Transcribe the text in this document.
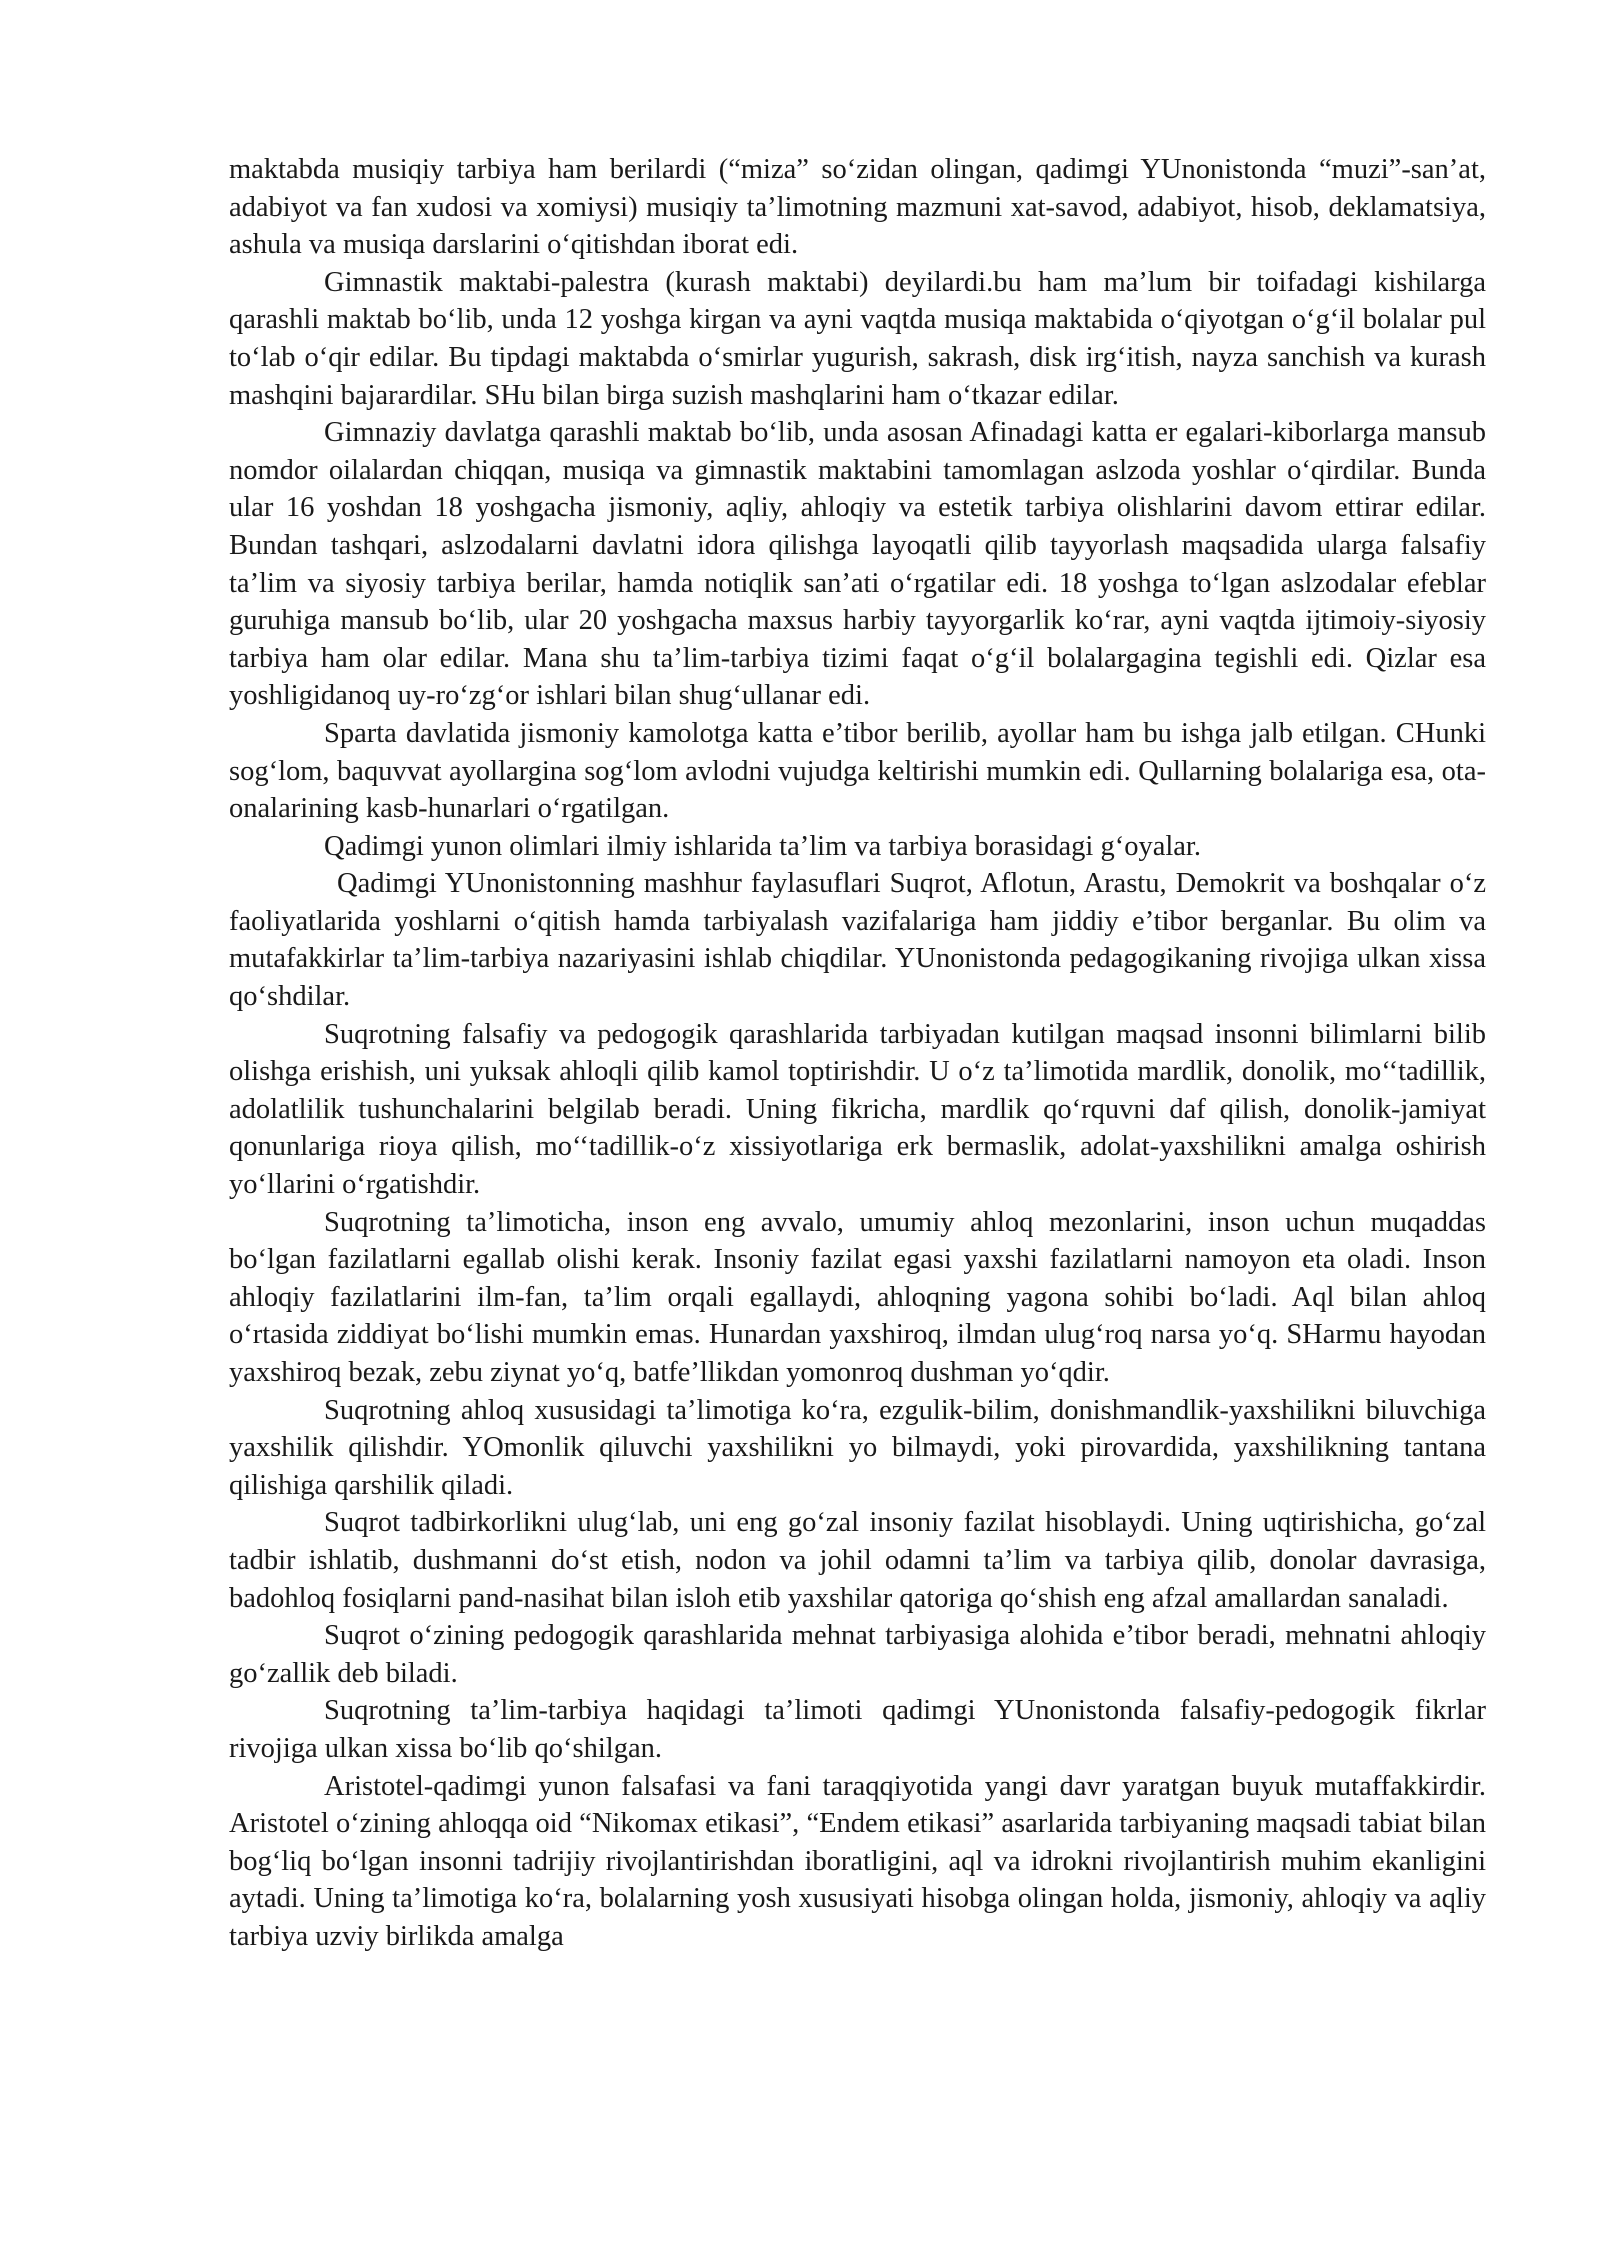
maktabda musiqiy tarbiya ham berilardi (“miza” so‘zidan olingan, qadimgi YUnonistonda “muzi”-san’at, adabiyot va fan xudosi va xomiysi) musiqiy ta’limotning mazmuni xat-savod, adabiyot, hisob, deklamatsiya, ashula va musiqa darslarini o‘qitishdan iborat edi.

Gimnastik maktabi-palestra (kurash maktabi) deyilardi.bu ham ma’lum bir toifadagi kishilarga qarashli maktab bo‘lib, unda 12 yoshga kirgan va ayni vaqtda musiqa maktabida o‘qiyotgan o‘g‘il bolalar pul to‘lab o‘qir edilar. Bu tipdagi maktabda o‘smirlar yugurish, sakrash, disk irg‘itish, nayza sanchish va kurash mashqini bajarardilar. SHu bilan birga suzish mashqlarini ham o‘tkazar edilar.

Gimnaziy davlatga qarashli maktab bo‘lib, unda asosan Afinadagi katta er egalari-kiborlarga mansub nomdor oilalardan chiqqan, musiqa va gimnastik maktabini tamomlagan aslzoda yoshlar o‘qirdilar. Bunda ular 16 yoshdan 18 yoshgacha jismoniy, aqliy, ahloqiy va estetik tarbiya olishlarini davom ettirar edilar. Bundan tashqari, aslzodalarni davlatni idora qilishga layoqatli qilib tayyorlash maqsadida ularga falsafiy ta’lim va siyosiy tarbiya berilar, hamda notiqlik san’ati o‘rgatilar edi. 18 yoshga to‘lgan aslzodalar efeblar guruhiga mansub bo‘lib, ular 20 yoshgacha maxsus harbiy tayyorgarlik ko‘rar, ayni vaqtda ijtimoiy-siyosiy tarbiya ham olar edilar. Mana shu ta’lim-tarbiya tizimi faqat o‘g‘il bolalargagina tegishli edi. Qizlar esa yoshligidanoq uy-ro‘zg‘or ishlari bilan shug‘ullanar edi.

Sparta davlatida jismoniy kamolotga katta e’tibor berilib, ayollar ham bu ishga jalb etilgan. CHunki sog‘lom, baquvvat ayollargina sog‘lom avlodni vujudga keltirishi mumkin edi. Qullarning bolalariga esa, ota-onalarining kasb-hunarlari o‘rgatilgan.

Qadimgi yunon olimlari ilmiy ishlarida ta’lim va tarbiya borasidagi g‘oyalar.

Qadimgi YUnonistonning mashhur faylasuflari Suqrot, Aflotun, Arastu, Demokrit va boshqalar o‘z faoliyatlarida yoshlarni o‘qitish hamda tarbiyalash vazifalariga ham jiddiy e’tibor berganlar. Bu olim va mutafakkirlar ta’lim-tarbiya nazariyasini ishlab chiqdilar. YUnonistonda pedagogikaning rivojiga ulkan xissa qo‘shdilar.

Suqrotning falsafiy va pedogogik qarashlarida tarbiyadan kutilgan maqsad insonni bilimlarni bilib olishga erishish, uni yuksak ahloqli qilib kamol toptirishdir. U o‘z ta’limotida mardlik, donolik, mo‘‘tadillik, adolatlilik tushunchalarini belgilab beradi. Uning fikricha, mardlik qo‘rquvni daf qilish, donolik-jamiyat qonunlariga rioya qilish, mo‘‘tadillik-o‘z xissiyotlariga erk bermaslik, adolat-yaxshilikni amalga oshirish yo‘llarini o‘rgatishdir.

Suqrotning ta’limoticha, inson eng avvalo, umumiy ahloq mezonlarini, inson uchun muqaddas bo‘lgan fazilatlarni egallab olishi kerak. Insoniy fazilat egasi yaxshi fazilatlarni namoyon eta oladi. Inson ahloqiy fazilatlarini ilm-fan, ta’lim orqali egallaydi, ahloqning yagona sohibi bo‘ladi. Aql bilan ahloq o‘rtasida ziddiyat bo‘lishi mumkin emas. Hunardan yaxshiroq, ilmdan ulug‘roq narsa yo‘q. SHarmu hayodan yaxshiroq bezak, zebu ziynat yo‘q, batfe’llikdan yomonroq dushman yo‘qdir.

Suqrotning ahloq xususidagi ta’limotiga ko‘ra, ezgulik-bilim, donishmandlik-yaxshilikni biluvchiga yaxshilik qilishdir. YOmonlik qiluvchi yaxshilikni yo bilmaydi, yoki pirovardida, yaxshilikning tantana qilishiga qarshilik qiladi.

Suqrot tadbirkorlikni ulug‘lab, uni eng go‘zal insoniy fazilat hisoblaydi. Uning uqtirishicha, go‘zal tadbir ishlatib, dushmanni do‘st etish, nodon va johil odamni ta’lim va tarbiya qilib, donolar davrasiga, badohloq fosiqlarni pand-nasihat bilan isloh etib yaxshilar qatoriga qo‘shish eng afzal amallardan sanaladi.

Suqrot o‘zining pedogogik qarashlarida mehnat tarbiyasiga alohida e’tibor beradi, mehnatni ahloqiy go‘zallik deb biladi.

Suqrotning ta’lim-tarbiya haqidagi ta’limoti qadimgi YUnonistonda falsafiy-pedogogik fikrlar rivojiga ulkan xissa bo‘lib qo‘shilgan.

Aristotel-qadimgi yunon falsafasi va fani taraqqiyotida yangi davr yaratgan buyuk mutaffakkirdir. Aristotel o‘zining ahloqqa oid “Nikomax etikasi”, “Endem etikasi” asarlarida tarbiyaning maqsadi tabiat bilan bog‘liq bo‘lgan insonni tadrijiy rivojlantirishdan iboratligini, aql va idrokni rivojlantirish muhim ekanligini aytadi. Uning ta’limotiga ko‘ra, bolalarning yosh xususiyati hisobga olingan holda, jismoniy, ahloqiy va aqliy tarbiya uzviy birlikda amalga
